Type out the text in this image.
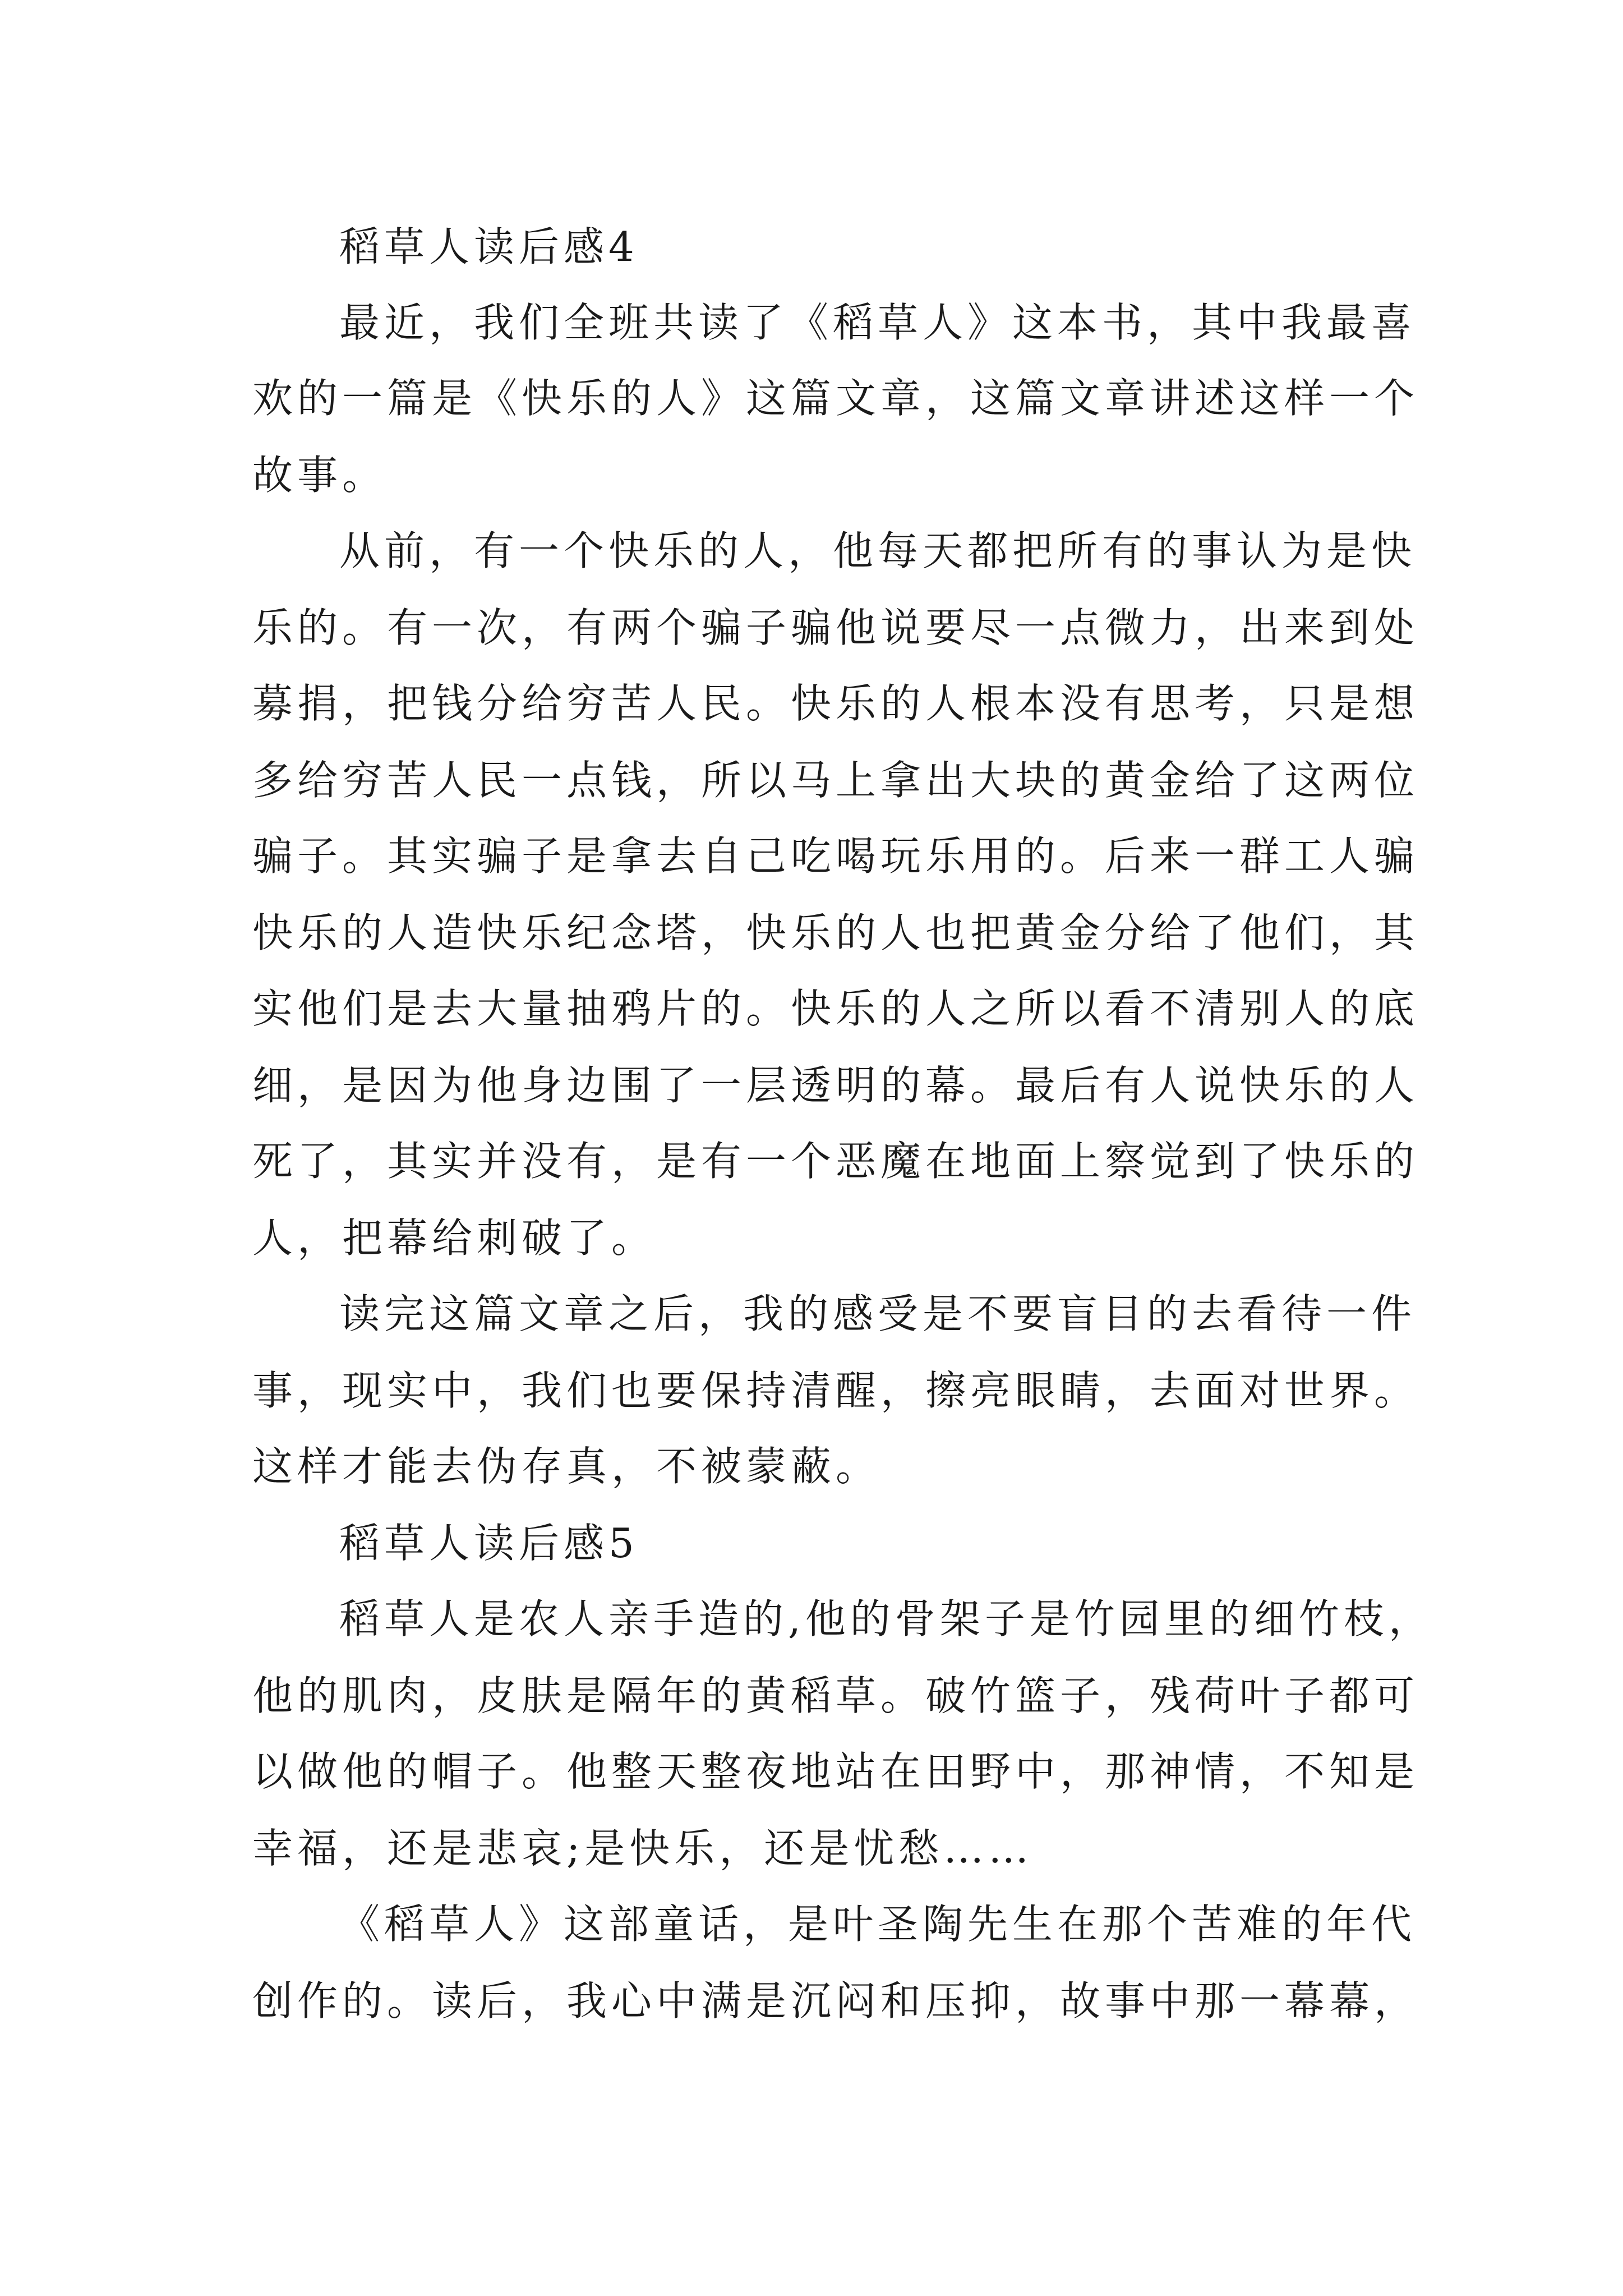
稻草人读后感4
最近，我们全班共读了《稻草人》这本书，其中我最喜
欢的一篇是《快乐的人》这篇文章，这篇文章讲述这样一个
故事。
从前，有一个快乐的人，他每天都把所有的事认为是快
乐的。有一次，有两个骗子骗他说要尽一点微力，出来到处
募捐，把钱分给穷苦人民。快乐的人根本没有思考，只是想
多给穷苦人民一点钱，所以马上拿出大块的黄金给了这两位
骗子。其实骗子是拿去自己吃喝玩乐用的。后来一群工人骗
快乐的人造快乐纪念塔，快乐的人也把黄金分给了他们，其
实他们是去大量抽鸦片的。快乐的人之所以看不清别人的底
细，是因为他身边围了一层透明的幕。最后有人说快乐的人
死了，其实并没有，是有一个恶魔在地面上察觉到了快乐的
人，把幕给刺破了。
读完这篇文章之后，我的感受是不要盲目的去看待一件
事，现实中，我们也要保持清醒，擦亮眼睛，去面对世界。
这样才能去伪存真，不被蒙蔽。
稻草人读后感5
稻草人是农人亲手造的,他的骨架子是竹园里的细竹枝，
他的肌肉，皮肤是隔年的黄稻草。破竹篮子，残荷叶子都可
以做他的帽子。他整天整夜地站在田野中，那神情，不知是
幸福，还是悲哀;是快乐，还是忧愁……
《稻草人》这部童话，是叶圣陶先生在那个苦难的年代
创作的。读后，我心中满是沉闷和压抑，故事中那一幕幕，
